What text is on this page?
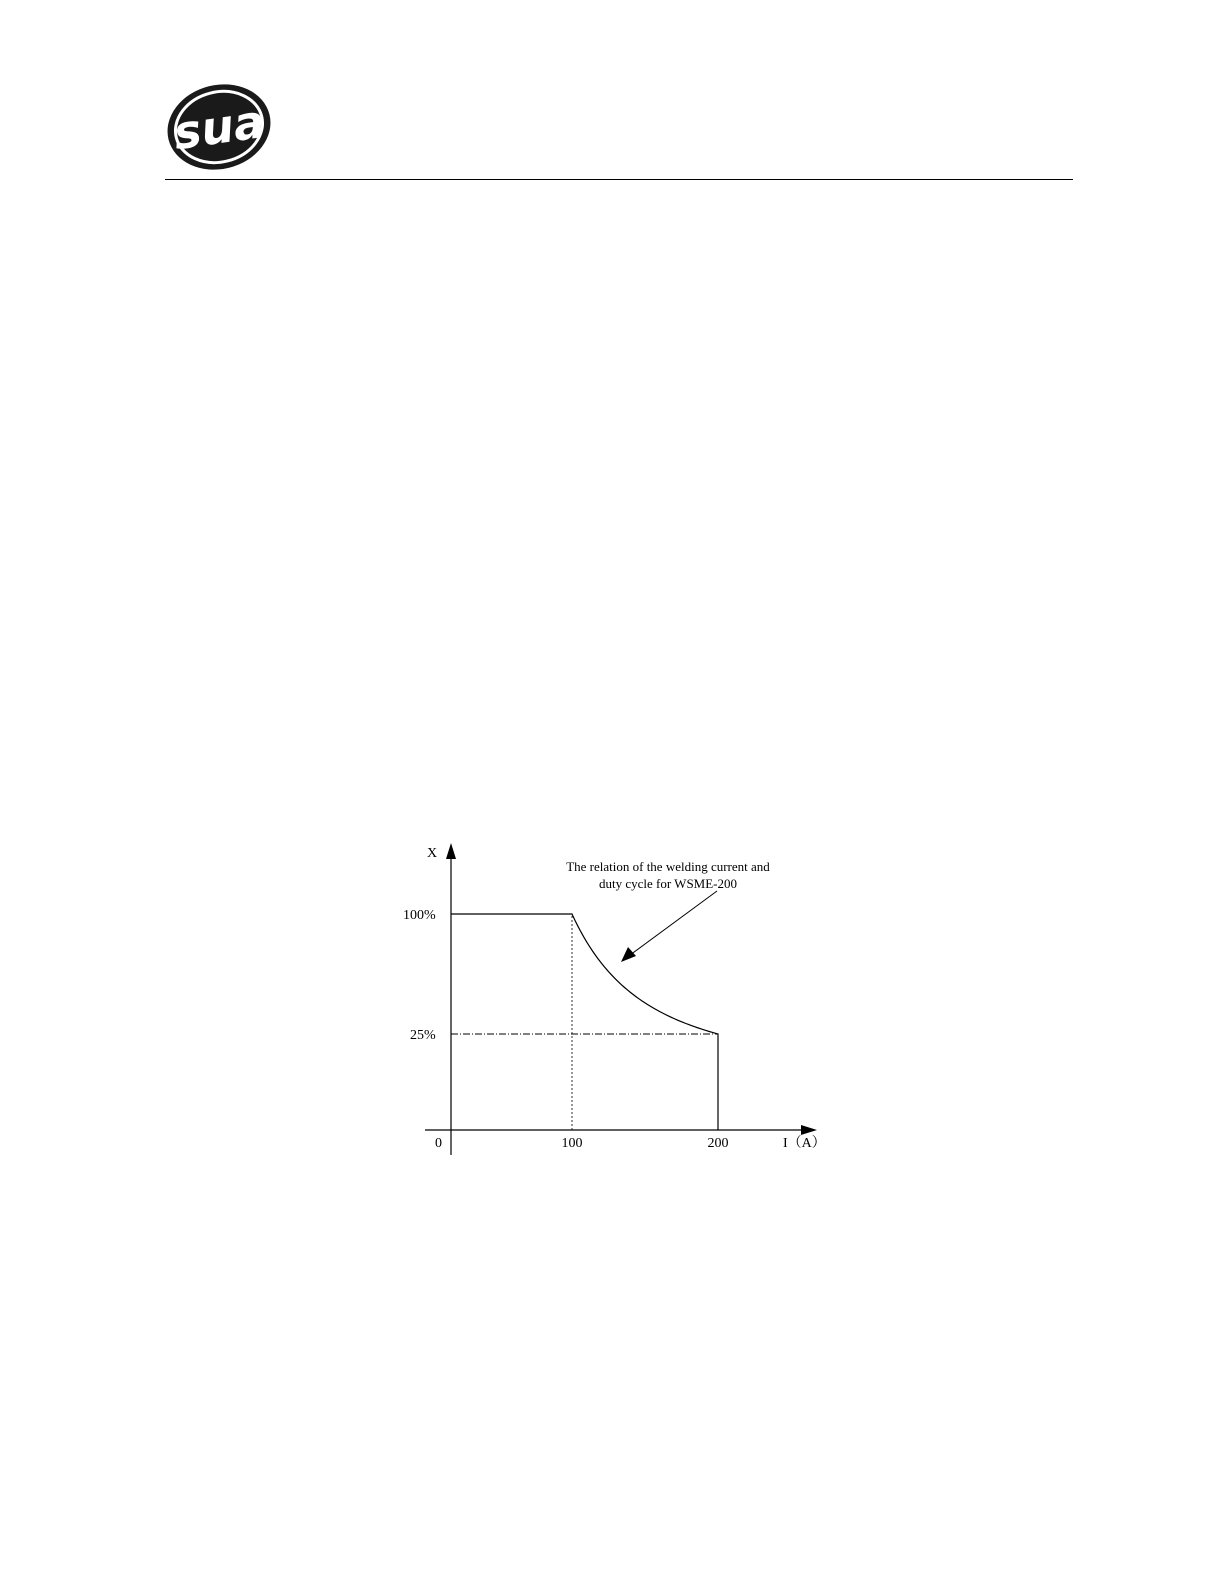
sua
X
100%
25%
0	100	200	I（A）
The relation of the welding current and
duty cycle for WSME-200
